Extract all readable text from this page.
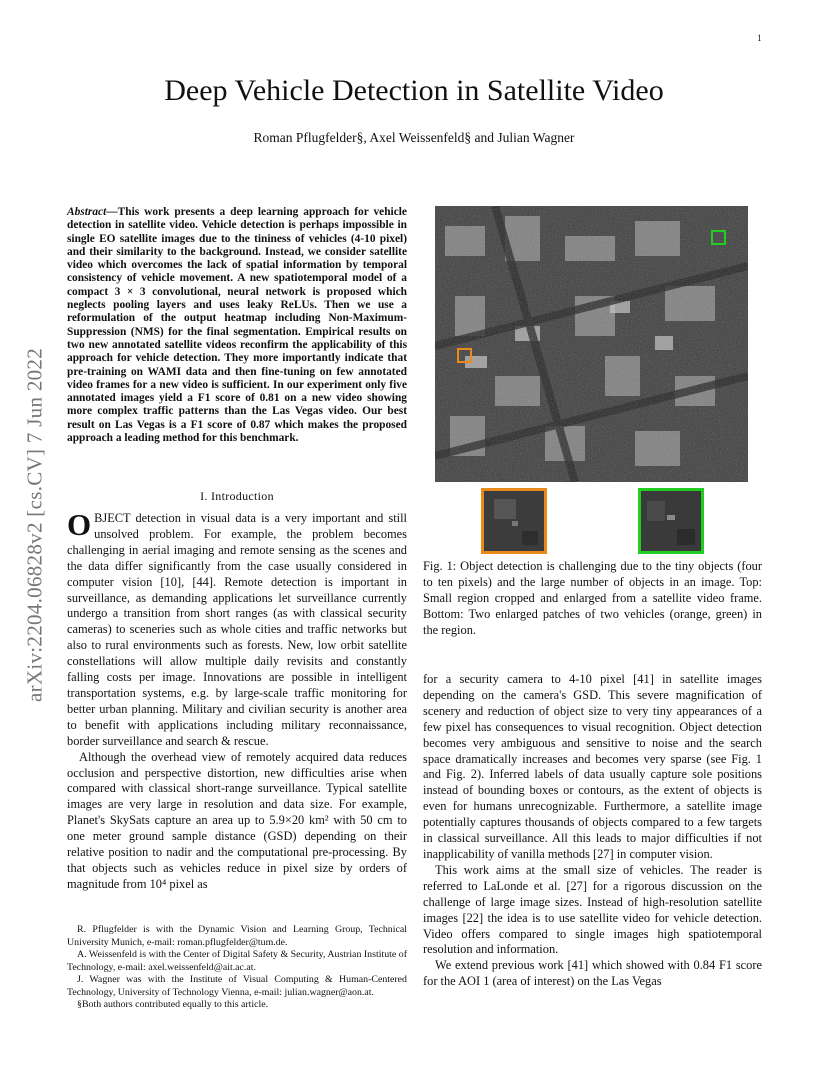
1
arXiv:2204.06828v2 [cs.CV] 7 Jun 2022
Deep Vehicle Detection in Satellite Video
Roman Pflugfelder§, Axel Weissenfeld§ and Julian Wagner
Abstract—This work presents a deep learning approach for vehicle detection in satellite video. Vehicle detection is perhaps impossible in single EO satellite images due to the tininess of vehicles (4-10 pixel) and their similarity to the background. Instead, we consider satellite video which overcomes the lack of spatial information by temporal consistency of vehicle movement. A new spatiotemporal model of a compact 3 × 3 convolutional, neural network is proposed which neglects pooling layers and uses leaky ReLUs. Then we use a reformulation of the output heatmap including Non-Maximum-Suppression (NMS) for the final segmentation. Empirical results on two new annotated satellite videos reconfirm the applicability of this approach for vehicle detection. They more importantly indicate that pre-training on WAMI data and then fine-tuning on few annotated video frames for a new video is sufficient. In our experiment only five annotated images yield a F1 score of 0.81 on a new video showing more complex traffic patterns than the Las Vegas video. Our best result on Las Vegas is a F1 score of 0.87 which makes the proposed approach a leading method for this benchmark.
I. Introduction

OBJECT detection in visual data is a very important and still unsolved problem. For example, the problem becomes challenging in aerial imaging and remote sensing as the scenes and the data differ significantly from the case usually considered in computer vision [10], [44]. Remote detection is important in surveillance, as demanding applications let surveillance currently undergo a transition from short ranges (as with classical security cameras) to sceneries such as whole cities and traffic networks but also to rural environments such as forests. New, low orbit satellite constellations will allow multiple daily revisits and constantly falling costs per image. Innovations are possible in intelligent transportation systems, e.g. by large-scale traffic monitoring for better urban planning. Military and civilian security is another area to benefit with applications including military reconnaissance, border surveillance and search & rescue.

Although the overhead view of remotely acquired data reduces occlusion and perspective distortion, new difficulties arise when compared with classical short-range surveillance. Typical satellite images are very large in resolution and data size. For example, Planet's SkySats capture an area up to 5.9×20 km² with 50 cm to one meter ground sample distance (GSD) depending on their relative position to nadir and the computational pre-processing. By that objects such as vehicles reduce in pixel size by orders of magnitude from 10⁴ pixel as

R. Pflugfelder is with the Dynamic Vision and Learning Group, Technical University Munich, e-mail: roman.pflugfelder@tum.de.

A. Weissenfeld is with the Center of Digital Safety & Security, Austrian Institute of Technology, e-mail: axel.weissenfeld@ait.ac.at.

J. Wagner was with the Institute of Visual Computing & Human-Centered Technology, University of Technology Vienna, e-mail: julian.wagner@aon.at.

§Both authors contributed equally to this article.

Fig. 1: Object detection is challenging due to the tiny objects (four to ten pixels) and the large number of objects in an image. Top: Small region cropped and enlarged from a satellite video frame. Bottom: Two enlarged patches of two vehicles (orange, green) in the region.

for a security camera to 4-10 pixel [41] in satellite images depending on the camera's GSD. This severe magnification of scenery and reduction of object size to very tiny appearances of a few pixel has consequences to visual recognition. Object detection becomes very ambiguous and sensitive to noise and the search space dramatically increases and becomes very sparse (see Fig. 1 and Fig. 2). Inferred labels of data usually capture sole positions instead of bounding boxes or contours, as the extent of objects is even for humans unrecognizable. Furthermore, a satellite image potentially captures thousands of objects compared to a few targets in classical surveillance. All this leads to major difficulties if not inapplicability of vanilla methods [27] in computer vision.

This work aims at the small size of vehicles. The reader is referred to LaLonde et al. [27] for a rigorous discussion on the challenge of large image sizes. Instead of high-resolution satellite images [22] the idea is to use satellite video for vehicle detection. Video offers compared to single images high spatiotemporal resolution and information.

We extend previous work [41] which showed with 0.84 F1 score for the AOI 1 (area of interest) on the Las Vegas
